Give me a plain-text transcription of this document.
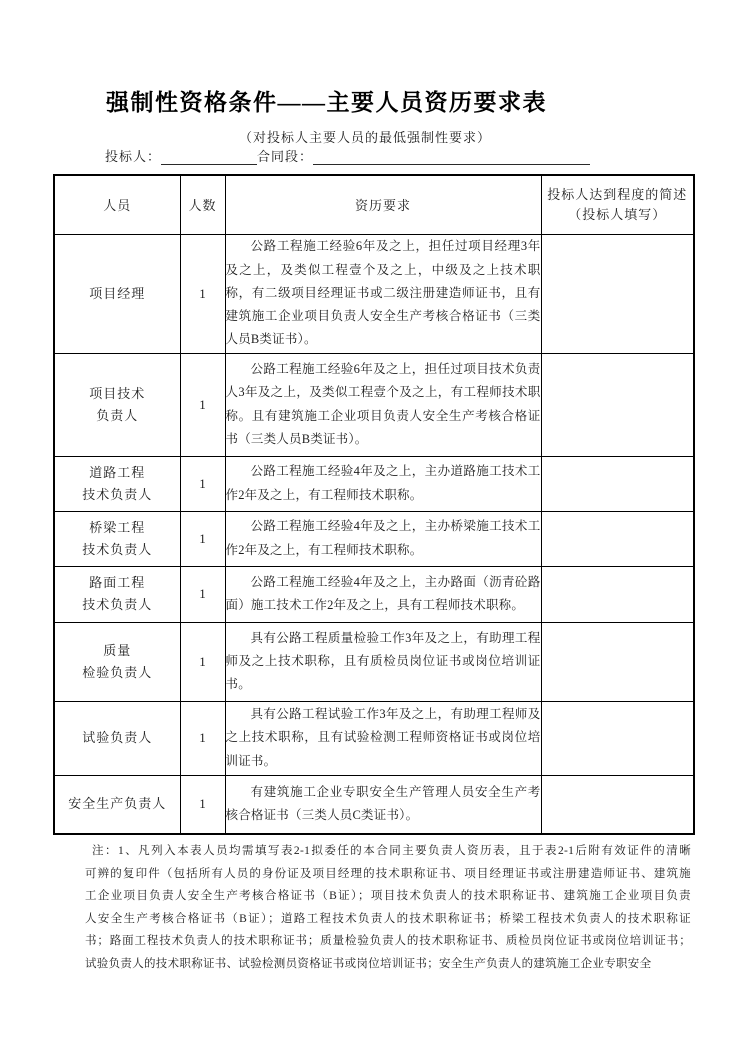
强制性资格条件——主要人员资历要求表
（对投标人主要人员的最低强制性要求）
投标人：	合同段：
人员	人数	资历要求	投标人达到程度的简述
（投标人填写）

项目经理	1	公路工程施工经验6年及之上，担任过项目经理3年及之上，及类似工程壹个及之上，中级及之上技术职称，有二级项目经理证书或二级注册建造师证书，且有建筑施工企业项目负责人安全生产考核合格证书（三类人员B类证书）。	

项目技术
负责人	1	公路工程施工经验6年及之上，担任过项目技术负责人3年及之上，及类似工程壹个及之上，有工程师技术职称。且有建筑施工企业项目负责人安全生产考核合格证书（三类人员B类证书）。	

道路工程
技术负责人	1	公路工程施工经验4年及之上，主办道路施工技术工作2年及之上，有工程师技术职称。	

桥梁工程
技术负责人	1	公路工程施工经验4年及之上，主办桥梁施工技术工作2年及之上，有工程师技术职称。	

路面工程
技术负责人	1	公路工程施工经验4年及之上，主办路面（沥青砼路面）施工技术工作2年及之上，具有工程师技术职称。	

质量
检验负责人	1	具有公路工程质量检验工作3年及之上，有助理工程师及之上技术职称，且有质检员岗位证书或岗位培训证书。	

试验负责人	1	具有公路工程试验工作3年及之上，有助理工程师及之上技术职称，且有试验检测工程师资格证书或岗位培训证书。	

安全生产负责人	1	有建筑施工企业专职安全生产管理人员安全生产考核合格证书（三类人员C类证书）。	

注：1、凡列入本表人员均需填写表2-1拟委任的本合同主要负责人资历表，且于表2-1后附有效证件的清晰
可辨的复印件（包括所有人员的身份证及项目经理的技术职称证书、项目经理证书或注册建造师证书、建筑施
工企业项目负责人安全生产考核合格证书（B证）；项目技术负责人的技术职称证书、建筑施工企业项目负责
人安全生产考核合格证书（B证）；道路工程技术负责人的技术职称证书；桥梁工程技术负责人的技术职称证
书；路面工程技术负责人的技术职称证书；质量检验负责人的技术职称证书、质检员岗位证书或岗位培训证书；
试验负责人的技术职称证书、试验检测员资格证书或岗位培训证书；安全生产负责人的建筑施工企业专职安全
